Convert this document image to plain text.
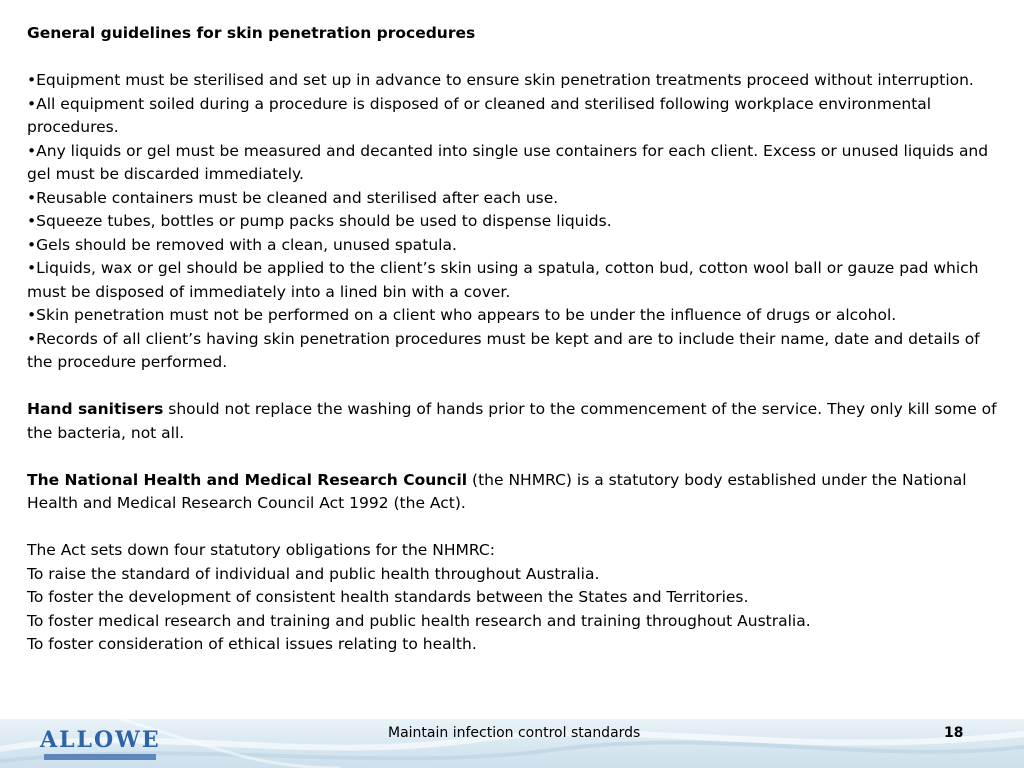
General guidelines for skin penetration procedures

•Equipment must be sterilised and set up in advance to ensure skin penetration treatments proceed without interruption.

•All equipment soiled during a procedure is disposed of or cleaned and sterilised following workplace environmental procedures.

•Any liquids or gel must be measured and decanted into single use containers for each client. Excess or unused liquids and gel must be discarded immediately.

•Reusable containers must be cleaned and sterilised after each use.

•Squeeze tubes, bottles or pump packs should be used to dispense liquids.

•Gels should be removed with a clean, unused spatula.

•Liquids, wax or gel should be applied to the client’s skin using a spatula, cotton bud, cotton wool ball or gauze pad which must be disposed of immediately into a lined bin with a cover.

•Skin penetration must not be performed on a client who appears to be under the influence of drugs or alcohol.

•Records of all client’s having skin penetration procedures must be kept and are to include their name, date and details of the procedure performed.

Hand sanitisers should not replace the washing of hands prior to the commencement of the service. They only kill some of the bacteria, not all.

The National Health and Medical Research Council (the NHMRC) is a statutory body established under the National Health and Medical Research Council Act 1992 (the Act).

The Act sets down four statutory obligations for the NHMRC:

To raise the standard of individual and public health throughout Australia.

To foster the development of consistent health standards between the States and Territories.

To foster medical research and training and public health research and training throughout Australia.

To foster consideration of ethical issues relating to health.

ALLOWE	Maintain infection control standards	18
